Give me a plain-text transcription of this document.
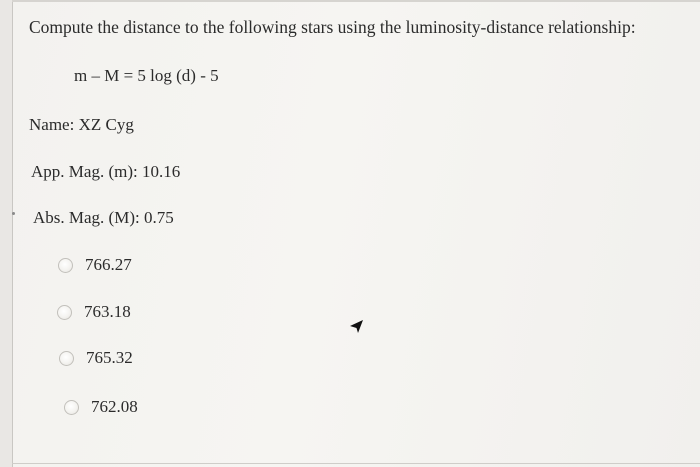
Compute the distance to the following stars using the luminosity-distance relationship:
m – M = 5 log (d) - 5
Name: XZ Cyg
App. Mag. (m): 10.16
Abs. Mag. (M): 0.75
766.27
763.18
765.32
762.08
